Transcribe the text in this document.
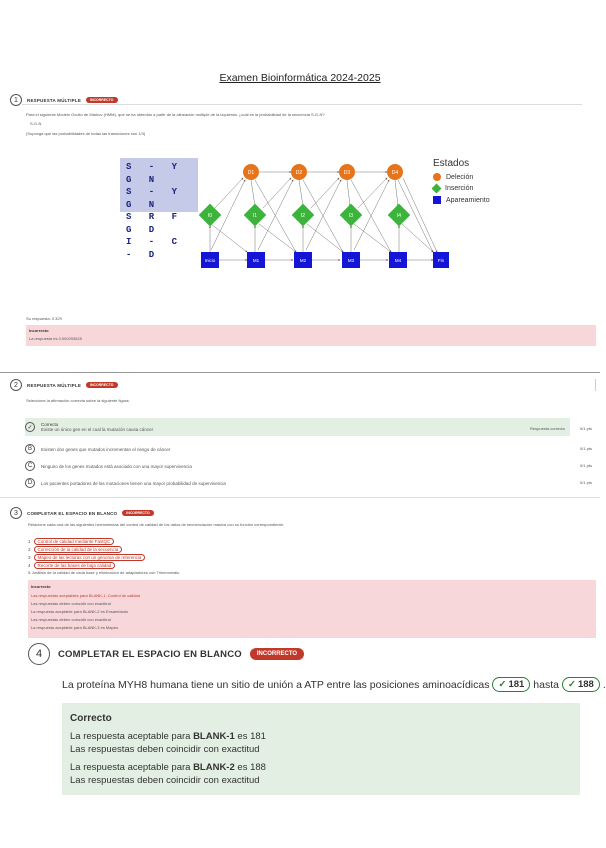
Examen Bioinformática 2024-2025
1	RESPUESTA MÚLTIPLE	INCORRECTO
Para el siguiente Modelo Oculto de Markov (HMM), que se ha obtenido a partir de la alineación múltiple de la izquierda: ¿cuál es la probabilidad de la secuencia S-G-N?
S-G-N
(Suponga que las probabilidades de todas las transiciones son 1/3)
S - Y G N
S - Y G N
S R F G D
I - C - D
D1	D2	D3	D4
I0	I1	I2	I3	I4
Inicio	M1	M2	M3	M4	Fin
Estados
Deleción
Inserción
Apareamiento
Su respuesta: 0.329
Incorrecto
La respuesta es 0.000293625
2	RESPUESTA MÚLTIPLE	INCORRECTO
Seleccione la afirmación correcta sobre la siguiente figura:
✓	Correcto
Existe un único gen en el cual la mutación causa cáncer	Respuesta correcta	0/1 pts
B	Existen dos genes que mutados incrementan el riesgo de cáncer	0/1 pts
C	Ninguno de los genes mutados está asociado con una mayor supervivencia	0/1 pts
D	Los pacientes portadores de las mutaciones tienen una mayor probabilidad de supervivencia	0/1 pts
3	COMPLETAR EL ESPACIO EN BLANCO	INCORRECTO
Relacione cada una de las siguientes herramientas del control de calidad de los datos de secuenciación masiva con su función correspondiente:
1	Control de calidad mediante FastQC
2	Corrección de la calidad de la secuencia
3	Mapeo de las lecturas con un genoma de referencia
4	Recorte de las bases de baja calidad
5. Análisis de la calidad de cada base y eliminación de adaptadores con Trimmomatic
Incorrecto
Las respuestas aceptables para BLANK-1: Control de calidad
Las respuestas deben coincidir con exactitud
La respuesta aceptable para BLANK-2 es Ensamblado
Las respuestas deben coincidir con exactitud
La respuesta aceptable para BLANK-3 es Mapeo
4	COMPLETAR EL ESPACIO EN BLANCO	INCORRECTO
La proteína MYH8 humana tiene un sitio de unión a ATP entre las posiciones aminoacídicas ✓ 181 hasta ✓ 188 .
Correcto
La respuesta aceptable para BLANK-1 es 181
Las respuestas deben coincidir con exactitud
La respuesta aceptable para BLANK-2 es 188
Las respuestas deben coincidir con exactitud
